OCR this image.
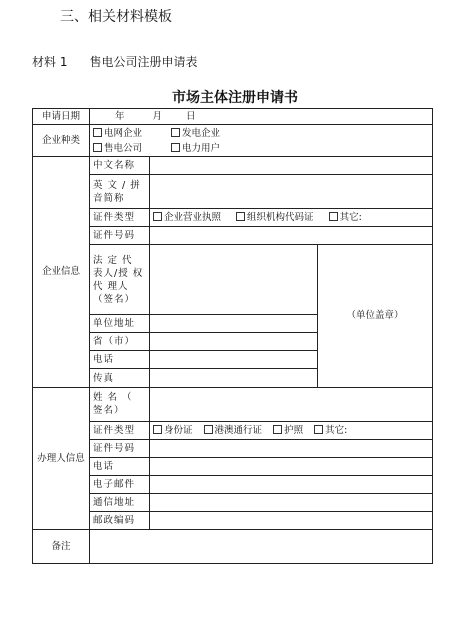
三、相关材料模板
材料 1 售电公司注册申请表
市场主体注册申请书
申请日期	年 月 日		
企业种类	电网企业 发电企业
售电公司 电力用户		

企业信息	中文名称		
	英 文 / 拼音简称		
	证件类型	企业营业执照 组织机构代码证 其它:	
	证件号码		
	法 定 代 表人/授 权 代 理人（签名）		（单位盖章）
	单位地址		
	省（市）		
	电话		
	传真		
办理人信息	姓 名 （ 签名）		
	证件类型	身份证 港澳通行证 护照 其它:	
	证件号码		
	电话		
	电子邮件		
	通信地址		
	邮政编码		
备注			
